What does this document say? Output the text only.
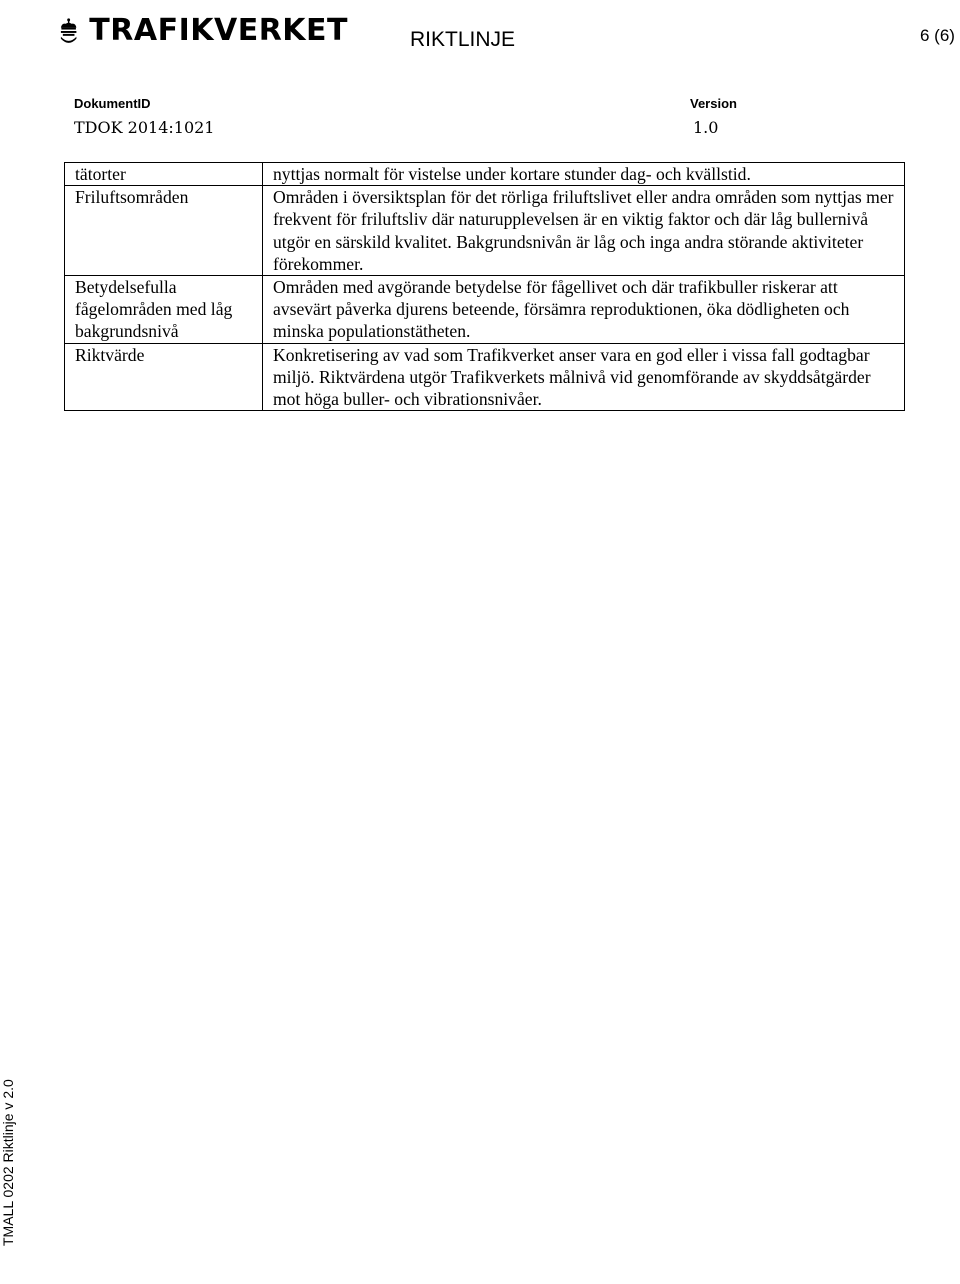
TRAFIKVERKET	RIKTLINJE	6 (6)
DokumentID
TDOK 2014:1021
Version
1.0
tätorter	nyttjas normalt för vistelse under kortare stunder dag- och kvällstid.
Friluftsområden	Områden i översiktsplan för det rörliga friluftslivet eller andra områden som nyttjas mer frekvent för friluftsliv där naturupplevelsen är en viktig faktor och där låg bullernivå utgör en särskild kvalitet. Bakgrundsnivån är låg och inga andra störande aktiviteter förekommer.
Betydelsefulla fågelområden med låg bakgrundsnivå	Områden med avgörande betydelse för fågellivet och där trafikbuller riskerar att avsevärt påverka djurens beteende, försämra reproduktionen, öka dödligheten och minska populationstätheten.
Riktvärde	Konkretisering av vad som Trafikverket anser vara en god eller i vissa fall godtagbar miljö. Riktvärdena utgör Trafikverkets målnivå vid genomförande av skyddsåtgärder mot höga buller- och vibrationsnivåer.
TMALL 0202 Riktlinje v 2.0
